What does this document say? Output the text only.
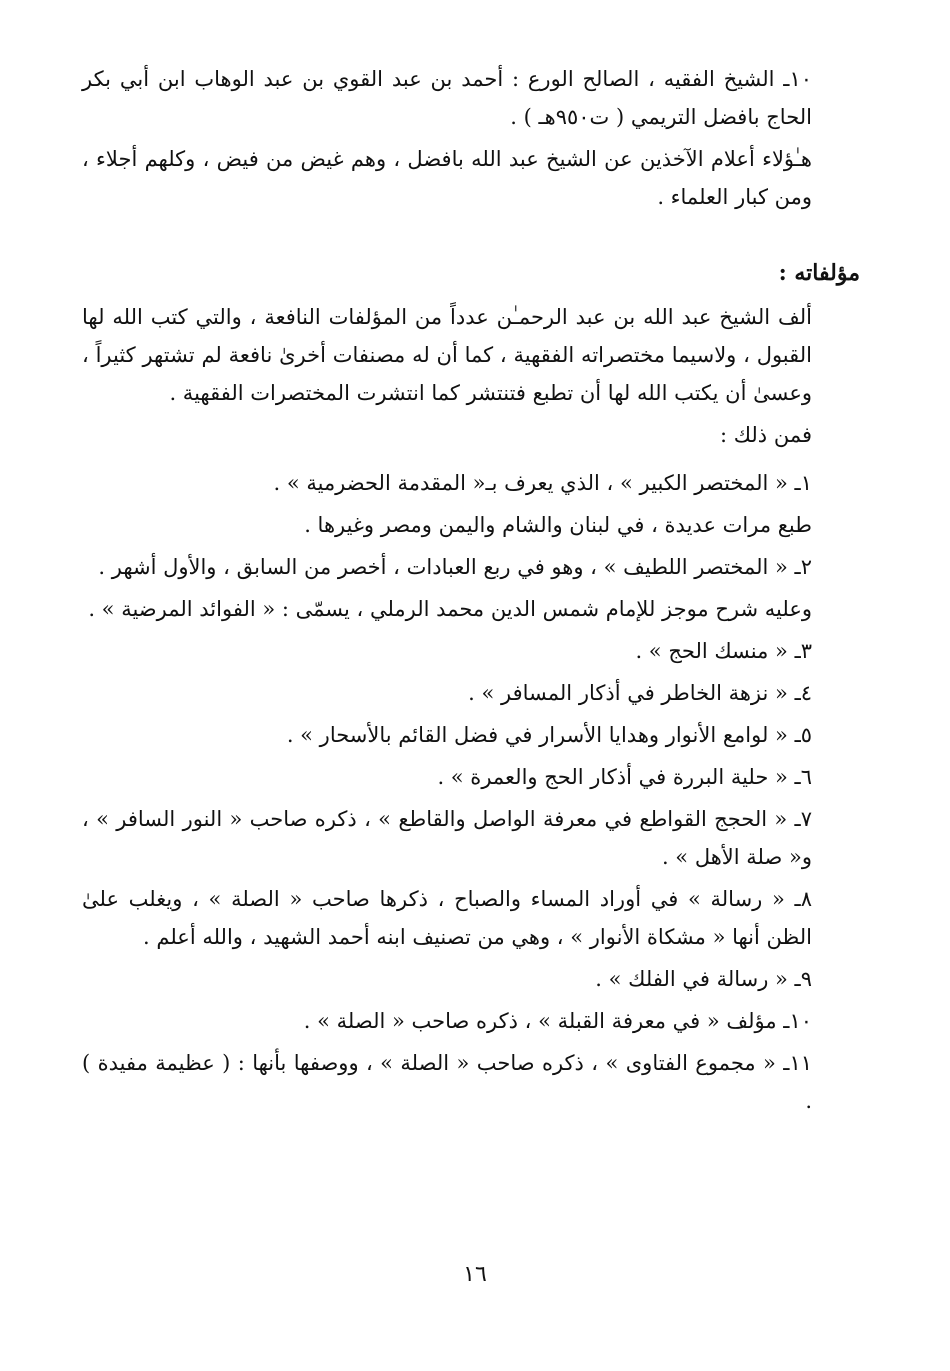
١٠ـ الشيخ الفقيه ، الصالح الورع : أحمد بن عبد القوي بن عبد الوهاب ابن أبي بكر الحاج بافضل التريمي ( ت٩٥٠هـ ) .

هـٰؤلاء أعلام الآخذين عن الشيخ عبد الله بافضل ، وهم غيض من فيض ، وكلهم أجلاء ، ومن كبار العلماء .

مؤلفاته :

ألف الشيخ عبد الله بن عبد الرحمـٰن عدداً من المؤلفات النافعة ، والتي كتب الله لها القبول ، ولاسيما مختصراته الفقهية ، كما أن له مصنفات أخرىٰ نافعة لم تشتهر كثيراً ، وعسىٰ أن يكتب الله لها أن تطبع فتنتشر كما انتشرت المختصرات الفقهية .

فمن ذلك :

١ـ « المختصر الكبير » ، الذي يعرف بـ« المقدمة الحضرمية » .

طبع مرات عديدة ، في لبنان والشام واليمن ومصر وغيرها .

٢ـ « المختصر اللطيف » ، وهو في ربع العبادات ، أخصر من السابق ، والأول أشهر .

وعليه شرح موجز للإمام شمس الدين محمد الرملي ، يسمّى : « الفوائد المرضية » .

٣ـ « منسك الحج » .

٤ـ « نزهة الخاطر في أذكار المسافر » .

٥ـ « لوامع الأنوار وهدايا الأسرار في فضل القائم بالأسحار » .

٦ـ « حلية البررة في أذكار الحج والعمرة » .

٧ـ « الحجج القواطع في معرفة الواصل والقاطع » ، ذكره صاحب « النور السافر » ، و« صلة الأهل » .

٨ـ « رسالة » في أوراد المساء والصباح ، ذكرها صاحب « الصلة » ، ويغلب علىٰ الظن أنها « مشكاة الأنوار » ، وهي من تصنيف ابنه أحمد الشهيد ، والله أعلم .

٩ـ « رسالة في الفلك » .

١٠ـ مؤلف « في معرفة القبلة » ، ذكره صاحب « الصلة » .

١١ـ « مجموع الفتاوى » ، ذكره صاحب « الصلة » ، ووصفها بأنها : ( عظيمة مفيدة ) .

١٦
